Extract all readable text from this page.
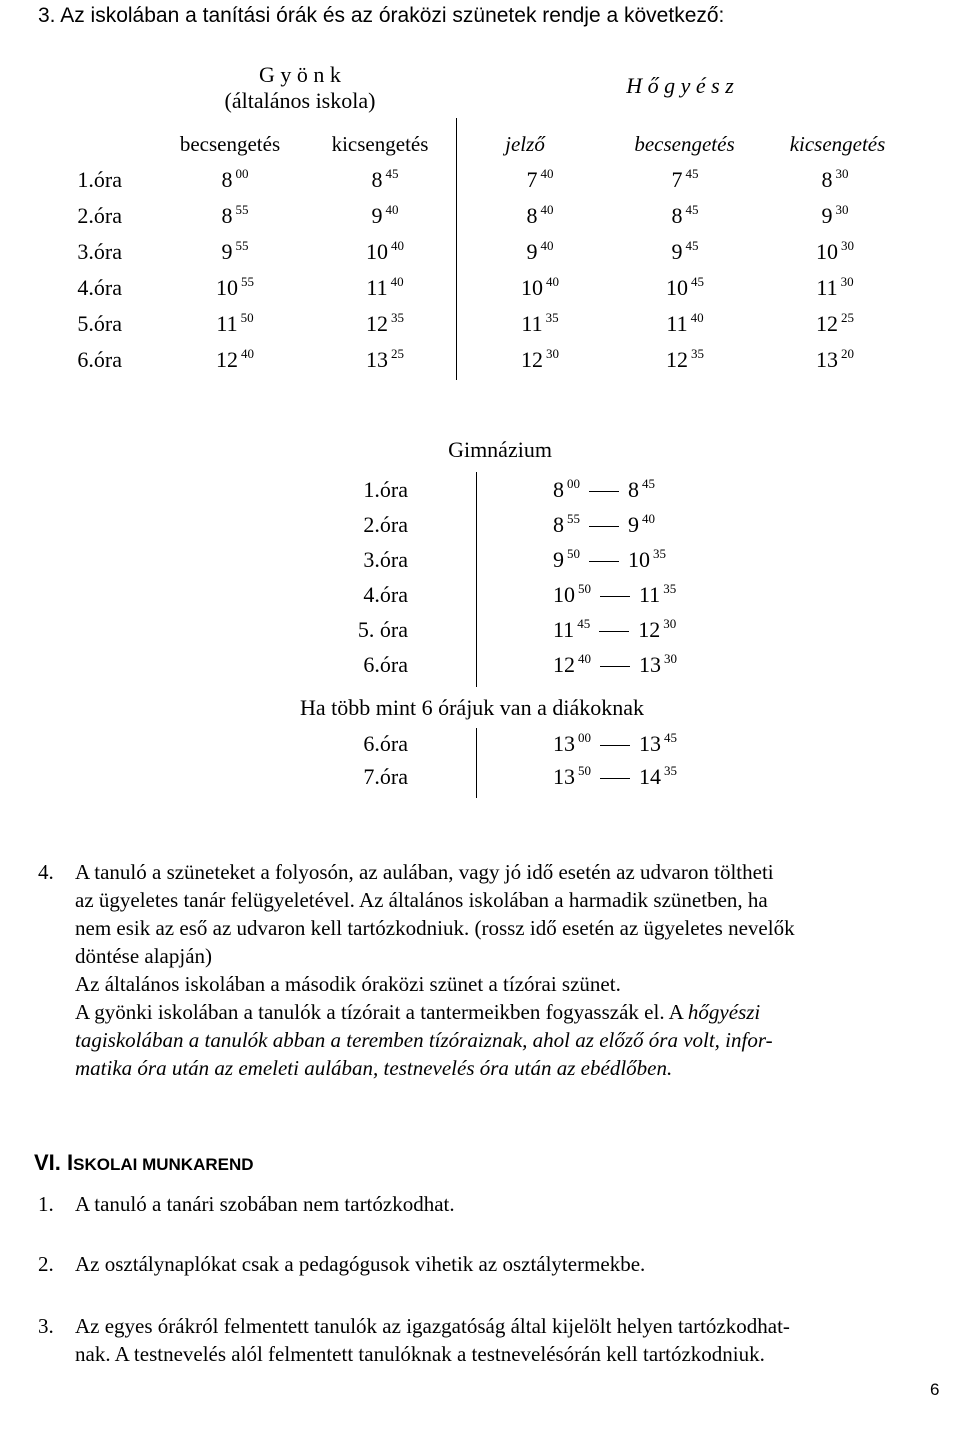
3. Az iskolában a tanítási órák és az óraközi szünetek rendje a következő:
G y ö n k
(általános iskola)
H ő g y é s z
becsengetés	kicsengetés	jelző	becsengetés	kicsengetés
1.óra	8 $^{00}$	8 $^{45}$	7 $^{40}$	7 $^{45}$	8 $^{30}$
2.óra	8 $^{55}$	9 $^{40}$	8 $^{40}$	8 $^{45}$	9 $^{30}$
3.óra	9 $^{55}$	10 $^{40}$	9 $^{40}$	9 $^{45}$	10 $^{30}$
4.óra	10 $^{55}$	11 $^{40}$	10 $^{40}$	10 $^{45}$	11 $^{30}$
5.óra	11 $^{50}$	12 $^{35}$	11 $^{35}$	11 $^{40}$	12 $^{25}$
6.óra	12 $^{40}$	13 $^{25}$	12 $^{30}$	12 $^{35}$	13 $^{20}$
Gimnázium
1.óra	8 $^{00}$ 8 $^{45}$
2.óra	8 $^{55}$ 9 $^{40}$
3.óra	9 $^{50}$ 10 $^{35}$
4.óra	10 $^{50}$ 11 $^{35}$
5. óra	11 $^{45}$ 12 $^{30}$
6.óra	12 $^{40}$ 13 $^{30}$
Ha több mint 6 órájuk van a diákoknak
6.óra	13 $^{00}$ 13 $^{45}$
7.óra	13 $^{50}$ 14 $^{35}$
4. A tanuló a szüneteket a folyosón, az aulában, vagy jó idő esetén az udvaron töltheti

az ügyeletes tanár felügyeletével. Az általános iskolában a harmadik szünetben, ha

nem esik az eső az udvaron kell tartózkodniuk. (rossz idő esetén az ügyeletes nevelők

döntése alapján)

Az általános iskolában a második óraközi szünet a tízórai szünet.

A gyönki iskolában a tanulók a tízórait a tantermeikben fogyasszák el. A hőgyészi

tagiskolában a tanulók abban a teremben tízóraiznak, ahol az előző óra volt, infor-

matika óra után az emeleti aulában, testnevelés óra után az ebédlőben.

VI. ISKOLAI MUNKAREND
1. A tanuló a tanári szobában nem tartózkodhat.
2. Az osztálynaplókat csak a pedagógusok vihetik az osztálytermekbe.
3. Az egyes órákról felmentett tanulók az igazgatóság által kijelölt helyen tartózkodhat-

nak. A testnevelés alól felmentett tanulóknak a testnevelésórán kell tartózkodniuk.

6
